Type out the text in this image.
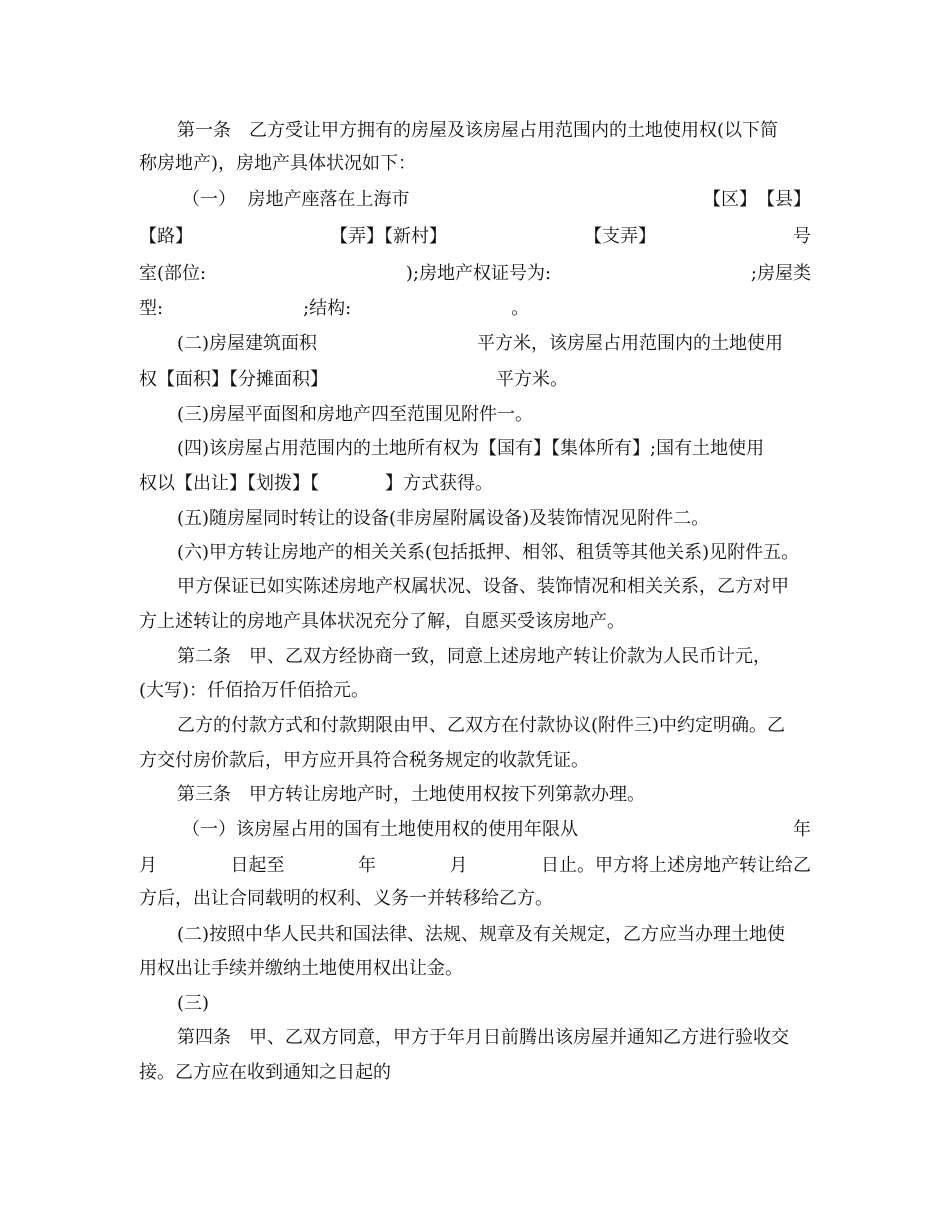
第一条　乙方受让甲方拥有的房屋及该房屋占用范围内的土地使用权(以下简
称房地产)，房地产具体状况如下：
（一） 房地产座落在上海市	【区】【县】
【路】	【弄】【新村】	【支弄】	号
室(部位:	);房地产权证号为:	;房屋类
型:	;结构:	。
(二)房屋建筑面积	平方米，该房屋占用范围内的土地使用
权【面积】【分摊面积】	平方米。
(三)房屋平面图和房地产四至范围见附件一。
(四)该房屋占用范围内的土地所有权为【国有】【集体所有】;国有土地使用
权以【出让】【划拨】【	】方式获得。
(五)随房屋同时转让的设备(非房屋附属设备)及装饰情况见附件二。
(六)甲方转让房地产的相关关系(包括抵押、相邻、租赁等其他关系)见附件五。
甲方保证已如实陈述房地产权属状况、设备、装饰情况和相关关系，乙方对甲
方上述转让的房地产具体状况充分了解，自愿买受该房地产。
第二条　甲、乙双方经协商一致，同意上述房地产转让价款为人民币计元，
(大写)：仟佰拾万仟佰拾元。
乙方的付款方式和付款期限由甲、乙双方在付款协议(附件三)中约定明确。乙
方交付房价款后，甲方应开具符合税务规定的收款凭证。
第三条　甲方转让房地产时，土地使用权按下列第款办理。
（一）该房屋占用的国有土地使用权的使用年限从	年
月	日起至	年	月	日止。甲方将上述房地产转让给乙
方后，出让合同载明的权利、义务一并转移给乙方。
(二)按照中华人民共和国法律、法规、规章及有关规定，乙方应当办理土地使
用权出让手续并缴纳土地使用权出让金。
(三)
第四条　甲、乙双方同意，甲方于年月日前腾出该房屋并通知乙方进行验收交
接。乙方应在收到通知之日起的
